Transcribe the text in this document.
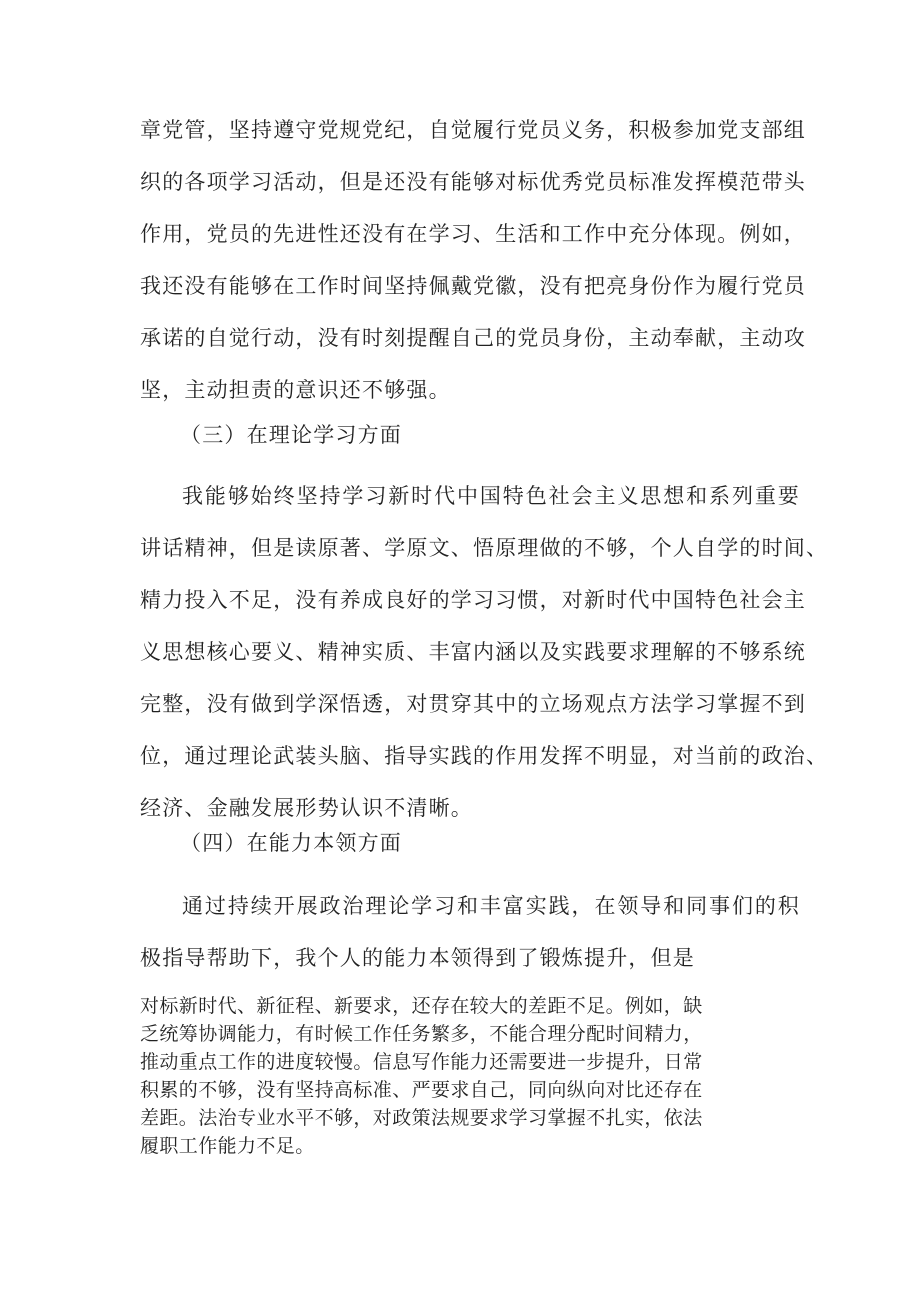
章党管，坚持遵守党规党纪，自觉履行党员义务，积极参加党支部组
织的各项学习活动，但是还没有能够对标优秀党员标准发挥模范带头
作用，党员的先进性还没有在学习、生活和工作中充分体现。例如，
我还没有能够在工作时间坚持佩戴党徽，没有把亮身份作为履行党员
承诺的自觉行动，没有时刻提醒自己的党员身份，主动奉献，主动攻
坚，主动担责的意识还不够强。
（三）在理论学习方面
我能够始终坚持学习新时代中国特色社会主义思想和系列重要
讲话精神，但是读原著、学原文、悟原理做的不够，个人自学的时间、
精力投入不足，没有养成良好的学习习惯，对新时代中国特色社会主
义思想核心要义、精神实质、丰富内涵以及实践要求理解的不够系统
完整，没有做到学深悟透，对贯穿其中的立场观点方法学习掌握不到
位，通过理论武装头脑、指导实践的作用发挥不明显，对当前的政治、
经济、金融发展形势认识不清晰。
（四）在能力本领方面
通过持续开展政治理论学习和丰富实践，在领导和同事们的积
极指导帮助下，我个人的能力本领得到了锻炼提升，但是
对标新时代、新征程、新要求，还存在较大的差距不足。例如，缺
乏统筹协调能力，有时候工作任务繁多，不能合理分配时间精力，
推动重点工作的进度较慢。信息写作能力还需要进一步提升，日常
积累的不够，没有坚持高标准、严要求自己，同向纵向对比还存在
差距。法治专业水平不够，对政策法规要求学习掌握不扎实，依法
履职工作能力不足。
